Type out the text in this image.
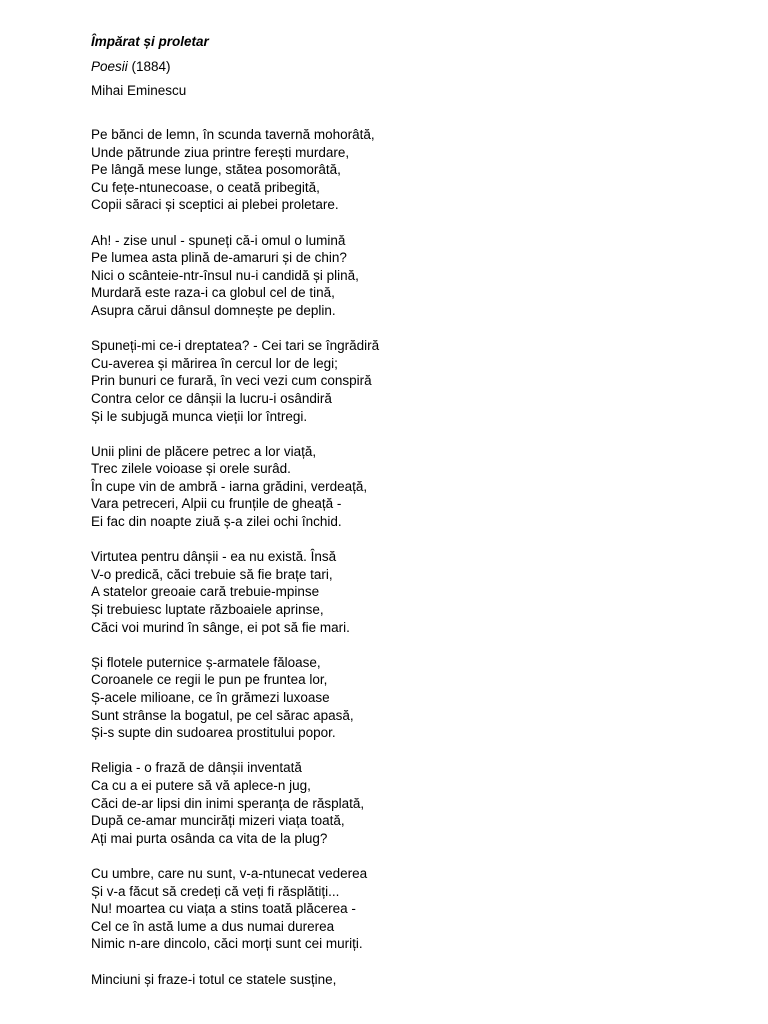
Împărat și proletar
Poesii (1884)
Mihai Eminescu
Pe bănci de lemn, în scunda tavernă mohorâtă,
Unde pătrunde ziua printre ferești murdare,
Pe lângă mese lunge, stătea posomorâtă,
Cu fețe-ntunecoase, o ceată pribegită,
Copii săraci și sceptici ai plebei proletare.
Ah! - zise unul - spuneți că-i omul o lumină
Pe lumea asta plină de-amaruri și de chin?
Nici o scânteie-ntr-însul nu-i candidă și plină,
Murdară este raza-i ca globul cel de tină,
Asupra cărui dânsul domnește pe deplin.
Spuneți-mi ce-i dreptatea? - Cei tari se îngrădiră
Cu-averea și mărirea în cercul lor de legi;
Prin bunuri ce furară, în veci vezi cum conspiră
Contra celor ce dânșii la lucru-i osândiră
Și le subjugă munca vieții lor întregi.
Unii plini de plăcere petrec a lor viață,
Trec zilele voioase și orele surâd.
În cupe vin de ambră - iarna grădini, verdeață,
Vara petreceri, Alpii cu frunțile de gheață -
Ei fac din noapte ziuă ș-a zilei ochi închid.
Virtutea pentru dânșii - ea nu există. Însă
V-o predică, căci trebuie să fie brațe tari,
A statelor greoaie cară trebuie-mpinse
Și trebuiesc luptate războaiele aprinse,
Căci voi murind în sânge, ei pot să fie mari.
Și flotele puternice ș-armatele făloase,
Coroanele ce regii le pun pe fruntea lor,
Ș-acele milioane, ce în grămezi luxoase
Sunt strânse la bogatul, pe cel sărac apasă,
Și-s supte din sudoarea prostitului popor.
Religia - o frază de dânșii inventată
Ca cu a ei putere să vă aplece-n jug,
Căci de-ar lipsi din inimi speranța de răsplată,
După ce-amar muncirăți mizeri viața toată,
Ați mai purta osânda ca vita de la plug?
Cu umbre, care nu sunt, v-a-ntunecat vederea
Și v-a făcut să credeți că veți fi răsplătiți...
Nu! moartea cu viața a stins toată plăcerea -
Cel ce în astă lume a dus numai durerea
Nimic n-are dincolo, căci morți sunt cei muriți.
Minciuni și fraze-i totul ce statele susține,
